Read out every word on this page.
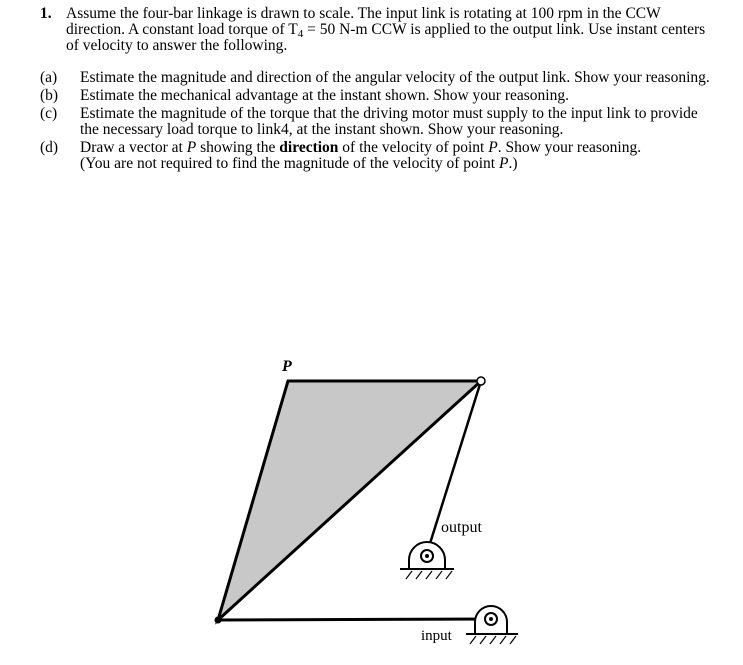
1. Assume the four-bar linkage is drawn to scale. The input link is rotating at 100 rpm in the CCW direction. A constant load torque of $T_4 = 50$ N-m CCW is applied to the output link. Use instant centers of velocity to answer the following.
(a) Estimate the magnitude and direction of the angular velocity of the output link. Show your reasoning.
(b) Estimate the mechanical advantage at the instant shown. Show your reasoning.
(c) Estimate the magnitude of the torque that the driving motor must supply to the input link to provide the necessary load torque to link4, at the instant shown. Show your reasoning.
(d) Draw a vector at P showing the direction of the velocity of point P. Show your reasoning.
(You are not required to find the magnitude of the velocity of point P.)
P
output
input
